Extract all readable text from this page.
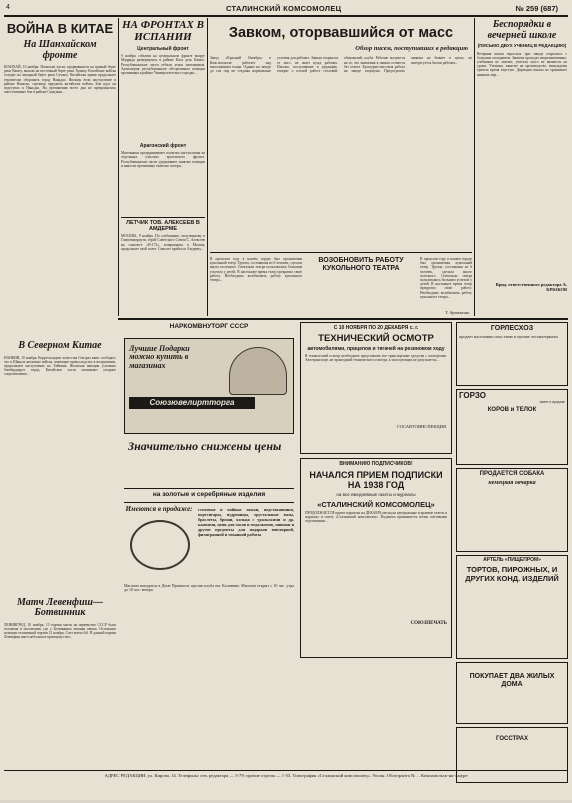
4	СТАЛИНСКИЙ КОМСОМОЛЕЦ	№ 259 (687)
ВОЙНА В КИТАЕ
На Шанхайском фронте
ШАНХАЙ, 10 ноября. Японские части, прорвавшиеся на правый берег реки Вампу, вышли на восточный берег реки Хуанпу. Китайские войска отходят на западный берег реки Сучжоу. Китайская армия продолжает героически оборонять город Наньдао. Японцы вели наступление в районе Наньтао, стремясь окружить китайские войска. Бои идут на подступах к Наньдао. На протяжении всего дня не прекращались ожесточенные бои в районе Сунцзяна...
В Северном Китае
НАНКИН, 10 ноября. Корреспондент агентства Сентрал ньюс сообщает, что в Шаньси японские войска, имеющие превосходство в вооружении, продолжают наступление на Тайюань. Японская авиация усиленно бомбардирует город. Китайские части оказывают упорное сопротивление...
Матч Левенфиш— Ботвинник
ЛЕНИНГРАД, 10 ноября. 13 партия матча на первенство СССР была отложена в положении, где у Ботвинника лишняя пешка. Остальные позиции отложенной партии 12 ноября. Счет матча 6:6. В данной партии Левенфиш имел небольшое преимущество...
НА ФРОНТАХ В ИСПАНИИ
Центральный фронт
9 ноября события на центральном фронте вокруг Мадрида развернулись в районе Каса дель Кампо. Республиканские части отбили атаки мятежников. Артиллерия республиканцев обстреливала позиции противника в районе Университетского городка...
Арагонский фронт
Мятежники предпринимают попытки наступления на отдельных участках арагонского фронта. Республиканские части удерживают занятые позиции и нанесли противнику тяжелые потери...
ЛЕТЧИК ТОВ. АЛЕКСЕЕВ В АМДЕРМЕ
МОСКВА, 9 ноября. По сообщению, полученному в Главсевморпути, герой Советского Союза С. Алексеев на самолете «Н-172», возвращаясь в Москву, продолжает свой полет. Самолет прибыл в Амдерму...
Завком, оторвавшийся от масс
Обзор писем, поступивших в редакцию
Завод «Красный Октябрь» в Комсомольске работает над выполнением плана. Однако на заводе до сих пор не созданы нормальные условия для рабочих. Завком оторвался от масс, не знает нужд рабочих. Письма, поступившие в редакцию, говорят о плохой работе столовой, общежитий, клуба. Рабочие жалуются на то, что заявления в завком остаются без ответа. Культурно-массовая работа на заводе запущена. Председатель завкома не бывает в цехах, не интересуется бытом рабочих...
ВОЗОБНОВИТЬ РАБОТУ КУКОЛЬНОГО ТЕАТРА
В прошлом году в нашем городе был организован кукольный театр. Труппа, состоявшая из 6 человек, сделала много полезного. Спектакли театра пользовались большим успехом у детей. В настоящее время театр прекратил свою работу. Необходимо возобновить работу кукольного театра...
В прошлом году в нашем городе был организован кукольный театр. Труппа, состоявшая из 6 человек, сделала много полезного. Спектакли театра пользовались большим успехом у детей. В настоящее время театр прекратил свою работу. Необходимо возобновить работу кукольного театра...
Т. Артемова.
Беспорядки в вечерней школе
(ПИСЬМО ДВУХ УЧЕНИЦ В РЕДАКЦИЮ)
Вечерняя школа взрослых при заводе открылась с большим опозданием. Занятия проходят неорганизованно, учебников не хватает, учителя часто не являются на уроки. Ученики, занятые на производстве, вынуждены тратить время впустую. Дирекция школы не принимает никаких мер...
Врид. ответственного редактора А. КРЮКОВ
НАРКОМВНУТОРГ СССР
Лучшие Подарки можно купить в магазинах
Союзювелиртторга
Значительно снижены цены
на золотые и серебряные изделия
Имеются в продаже:	столовые и чайные ложки, подстаканники, портсигары, пудреницы, хрустальные вазы, браслеты, броши, кольца с уральскими и др. камнями, цепи для часов и медальонов, запонки и другие предметы для подарков ювелирной, филигранной и чеканной работы
Магазин находится в Доме Промкооп, против клуба им. Калинина. Магазин открыт с 10 час. утра до 10 час. вечера.
С 10 НОЯБРЯ ПО 20 ДЕКАБРЯ с. г.
ТЕХНИЧЕСКИЙ ОСМОТР
автомобилями, прицепов и тягачей на резиновом ходу
В технический осмотр необходимо представлять все транспортные средства с паспортами. Автотранспорт, не прошедший технического осмотра, к эксплуатации не допускается...
ГОСАВТОИНСПЕКЦИЯ.
ВНИМАНИЮ ПОДПИСЧИКОВ!
НАЧАЛСЯ ПРИЕМ ПОДПИСКИ НА 1938 ГОД
на все ежедневные газеты и журналы
«СТАЛИНСКИЙ КОМСОМОЛЕЦ»
ПРОДОЛЖАЕТСЯ прием подписки на ДЕКАБРЬ месяц на центральные и краевые газеты и журналы и газету «Сталинский комсомолец». Подписка принимается всеми почтовыми отделениями...
СОЮЗПЕЧАТЬ
ГОРЛЕСХОЗ
продает населению сено хвою и прочие лесоматериалы
ГОРЗО
имеет в продаже
КОРОВ и ТЕЛОК
ПРОДАЕТСЯ СОБАКА
немецкая овчарка
АРТЕЛЬ «ПИЩЕПРОМ»
ТОРТОВ, ПИРОЖНЫХ, И ДРУГИХ КОНД. ИЗДЕЛИЙ
ПОКУПАЕТ ДВА ЖИЛЫХ ДОМА
ГОССТРАХ
АДРЕС РЕДАКЦИИ: ул. Кирова, 14. Телефоны: отв. редактора — 5-79; прочие отделы — 1-53. Типография «Сталинский комсомолец». Уполн. Облгорлита № ... Комсомольск-на-Амуре
